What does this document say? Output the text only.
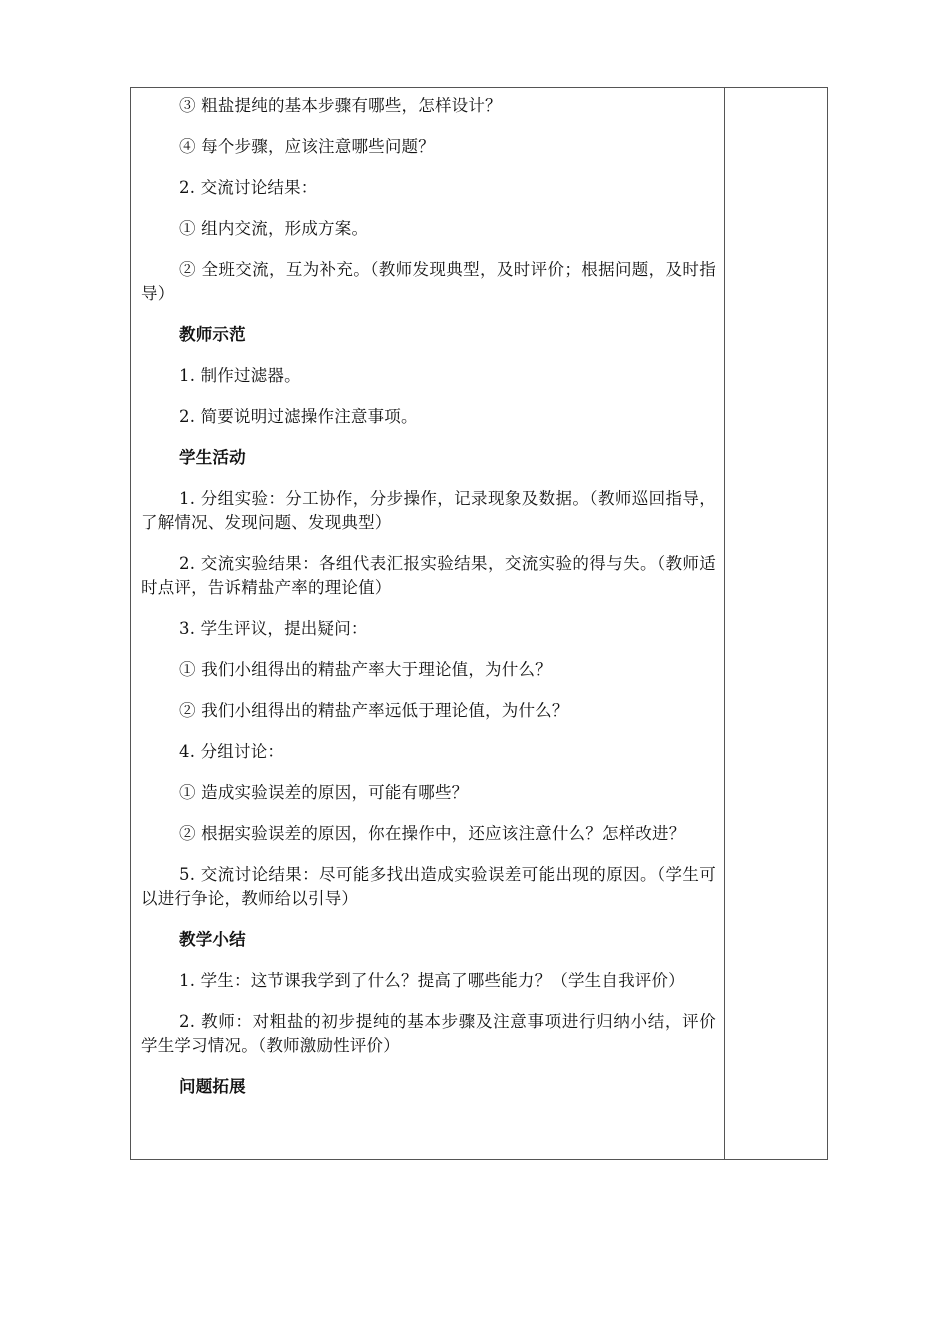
③ 粗盐提纯的基本步骤有哪些，怎样设计？

④ 每个步骤，应该注意哪些问题？

2. 交流讨论结果：

① 组内交流，形成方案。

② 全班交流，互为补充。（教师发现典型，及时评价；根据问题，及时指导）

教师示范

1. 制作过滤器。

2. 简要说明过滤操作注意事项。

学生活动

1. 分组实验：分工协作，分步操作，记录现象及数据。（教师巡回指导，了解情况、发现问题、发现典型）

2. 交流实验结果：各组代表汇报实验结果，交流实验的得与失。（教师适时点评，告诉精盐产率的理论值）

3. 学生评议，提出疑问：

① 我们小组得出的精盐产率大于理论值，为什么？

② 我们小组得出的精盐产率远低于理论值，为什么？

4. 分组讨论：

① 造成实验误差的原因，可能有哪些？

② 根据实验误差的原因，你在操作中，还应该注意什么？怎样改进？

5. 交流讨论结果：尽可能多找出造成实验误差可能出现的原因。（学生可以进行争论，教师给以引导）

教学小结

1. 学生：这节课我学到了什么？提高了哪些能力？（学生自我评价）

2. 教师：对粗盐的初步提纯的基本步骤及注意事项进行归纳小结，评价学生学习情况。（教师激励性评价）

问题拓展
